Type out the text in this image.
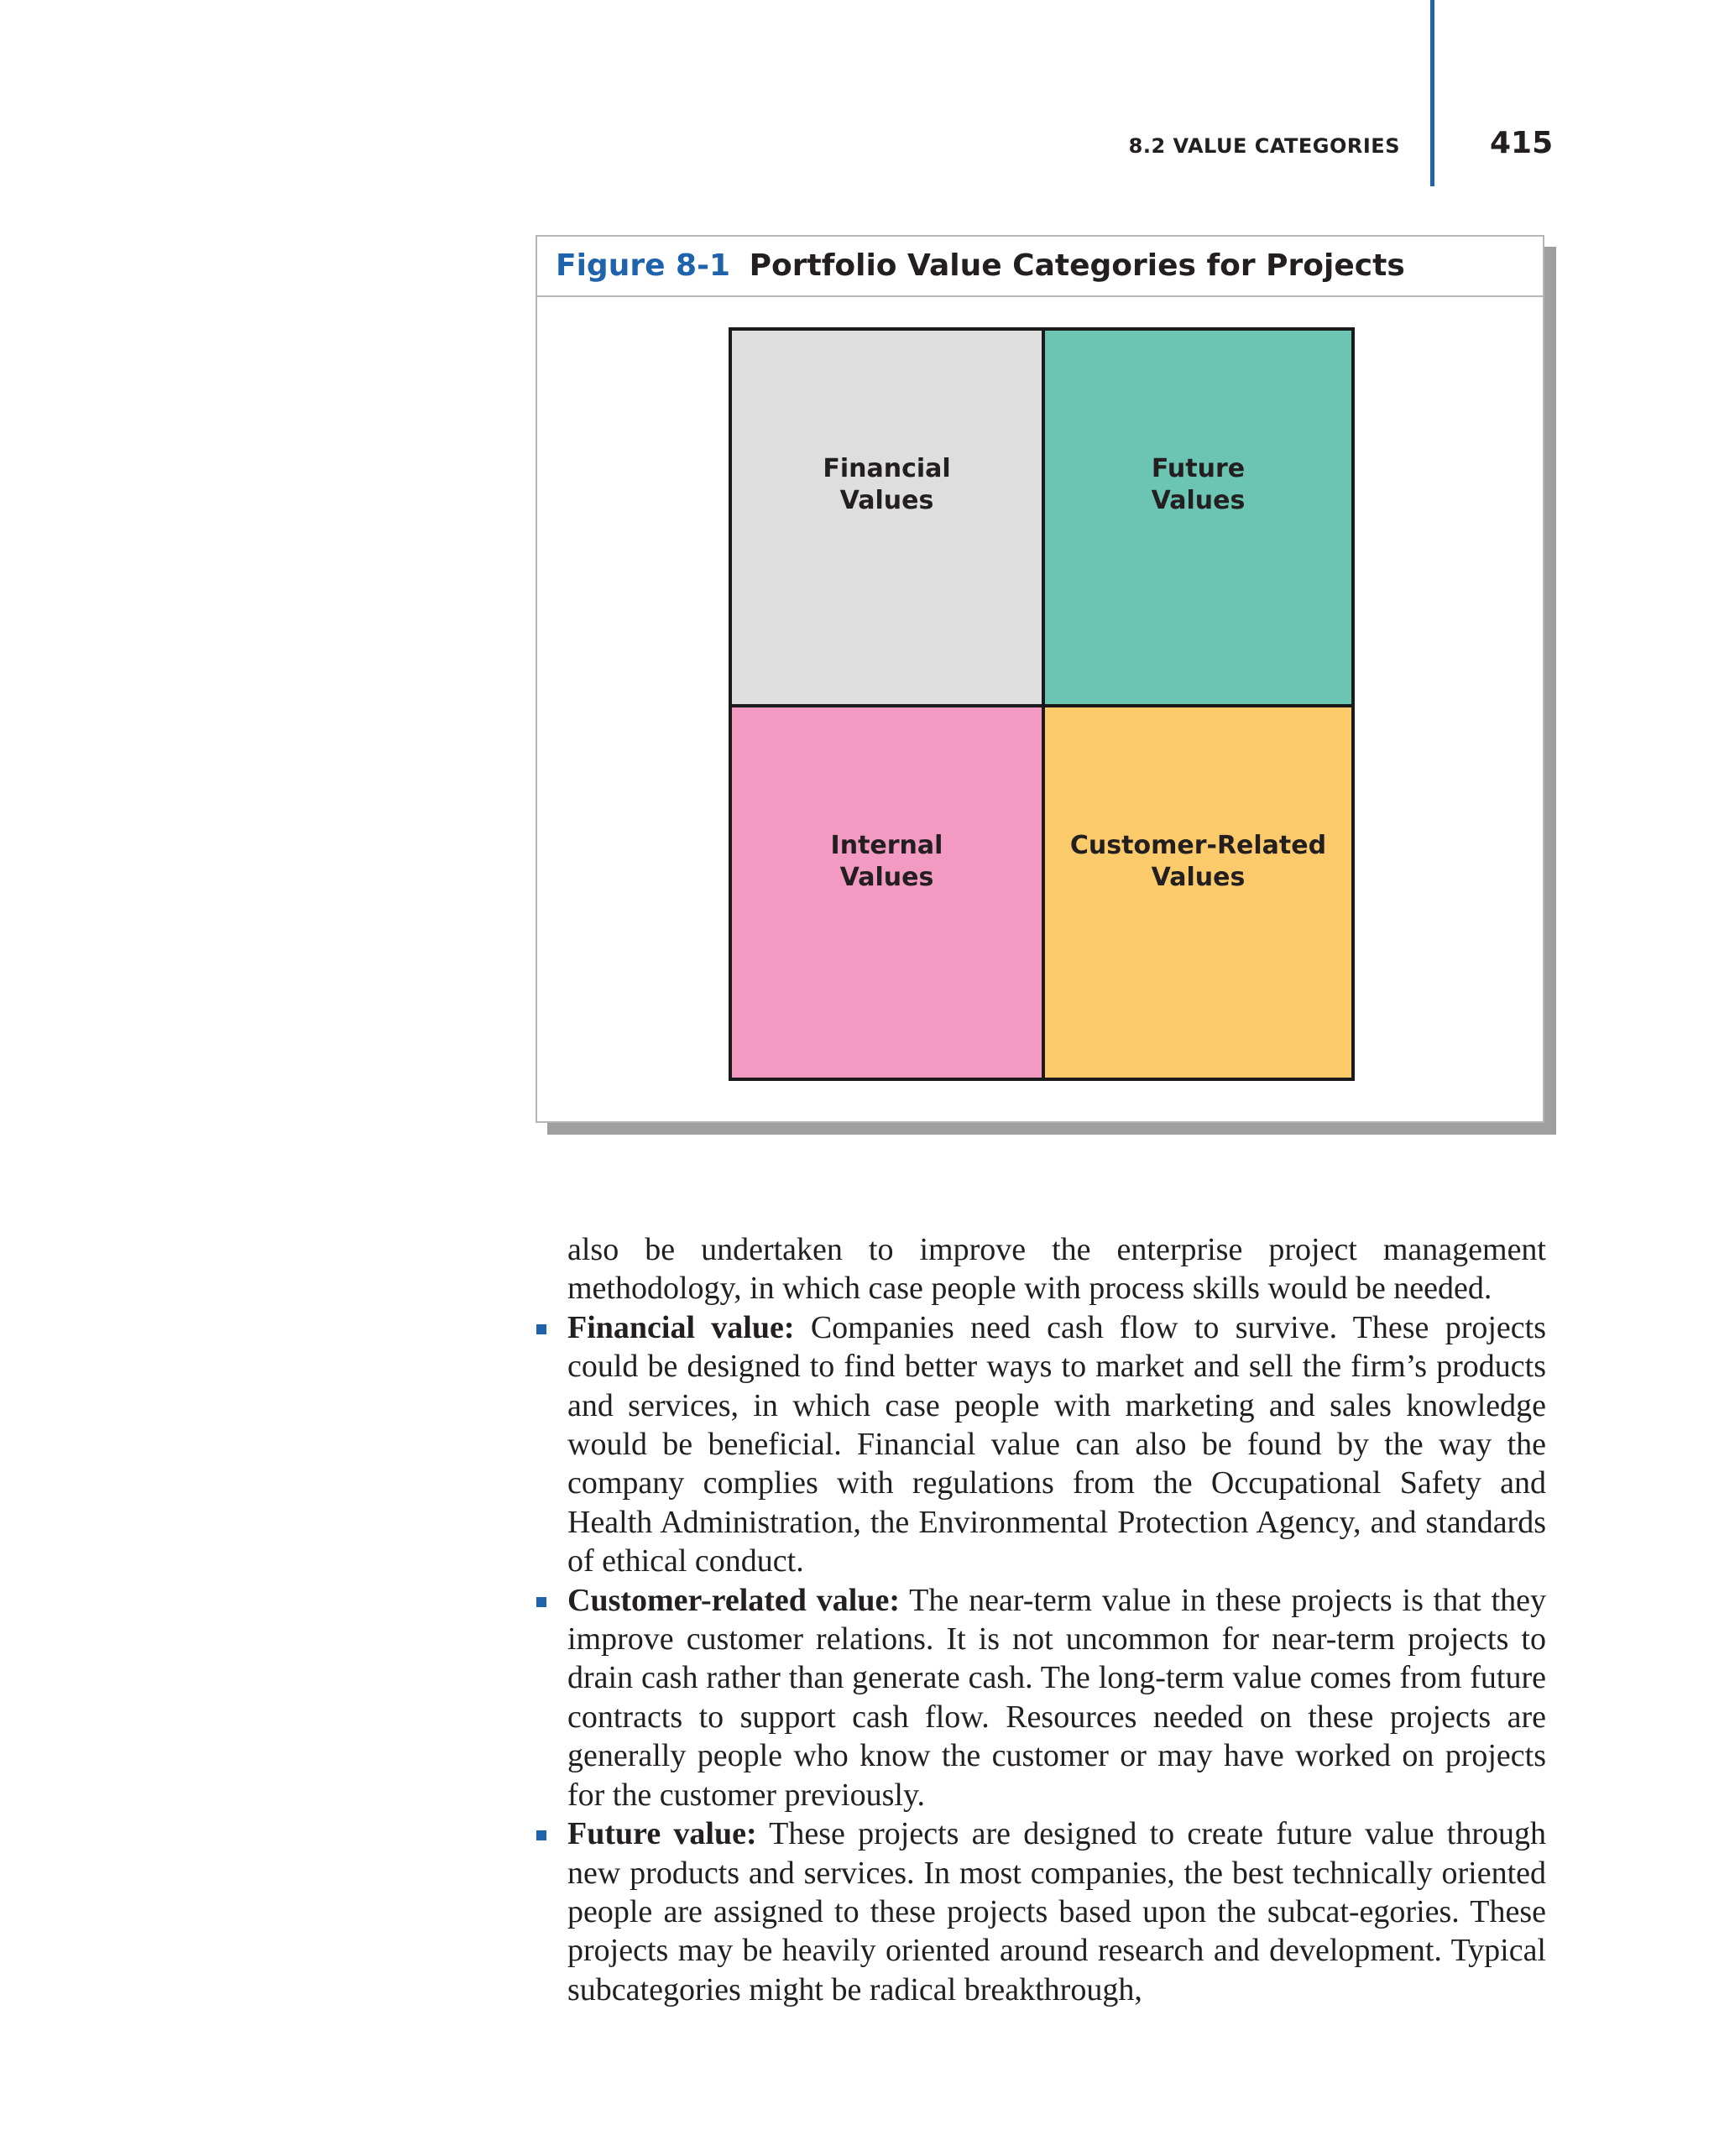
8.2 VALUE CATEGORIES	415
Figure 8-1 Portfolio Value Categories for Projects
Financial
Values
Future
Values
Internal
Values
Customer-Related
Values

also be undertaken to improve the enterprise project management methodology, in which case people with process skills would be needed.

Financial value: Companies need cash flow to survive. These projects could be designed to find better ways to market and sell the firm’s products and services, in which case people with marketing and sales knowledge would be beneficial. Financial value can also be found by the way the company complies with regulations from the Occupational Safety and Health Administration, the Environmental Protection Agency, and standards of ethical conduct.

Customer-related value: The near-term value in these projects is that they improve customer relations. It is not uncommon for near-term projects to drain cash rather than generate cash. The long-term value comes from future contracts to support cash flow. Resources needed on these projects are generally people who know the customer or may have worked on projects for the customer previously.

Future value: These projects are designed to create future value through new products and services. In most companies, the best technically oriented people are assigned to these projects based upon the subcat-egories. These projects may be heavily oriented around research and development. Typical subcategories might be radical breakthrough,
